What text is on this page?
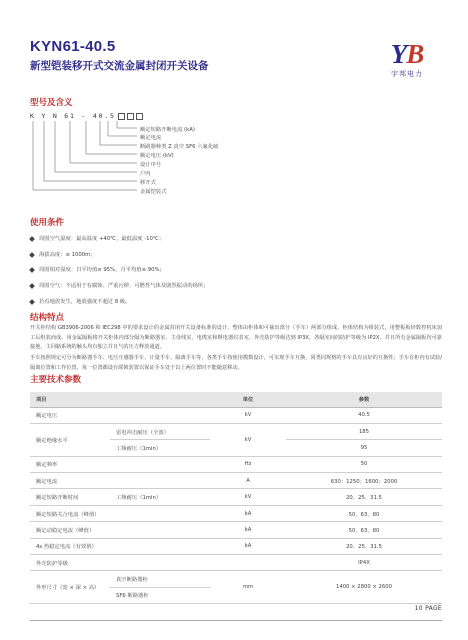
KYN61-40.5
新型铠装移开式交流金属封闭开关设备	YB
宇邦电力
型号及含义
K Y N 61 - 40.5
额定短路开断电流 (kA)
额定电流
断路器种类 Z 真空 SF6 六氟化硫
额定电压 (kV)
设计序号
户内
移开式
金属铠装式
使用条件
周围空气温度：最高温度 +40℃，最低温度 -10℃；
海拔高度：≤ 1000m；
周围相对湿度：日平均值≤ 95%，月平均值≤ 90%；
周围空气：不适用于有腐蚀、严重污秽、可燃性气体及剧烈振动的场所；
若有地震发生，地震强度不超过 8 级。
结构特点
开关柜结构 GB3906-2006 和 IEC298 中的要求设计的金属封闭开关设备标准的设计，整体由柜体和可抽出部分（手车）两部分组成。柜体结构为组装式，用整板板经数控机床加工后组装而成，用金属隔板将开关柜体内部分隔为断路器室、主母线室、电缆室和继电器仪表室，外壳防护等级达到 IP3X，各隔室间的防护等级为 IP2X，并且所有金属隔板均可靠接地，主回路系统的触头均有独立并且气的压力释放通道。
手车按照规定可分为断路器手车、电压互感器手车、计量手车、隔离手车等，各类手车按使用模数设计，可实现手车互换，同类同规格的手车具有良好的互换性；手车在柜内有试验/隔离位置和工作位置，每一位置都设有联锁装置以保证手车处于以上两位置时不能随意移动。
主要技术参数
项目		单位	参数
额定电压		kV	40.5
额定绝缘水平	雷电冲击耐压（全波）	kV	185
	工频耐压（1min）		95
额定频率		Hz	50
额定电流		A	630；1250；1600；2000
额定短路开断时间	工频耐压（1min）	kV	20、25、31.5
额定短路关合电流（峰值）		kA	50、63、80
额定动稳定电流（峰值）		kA	50、63、80
4s 热稳定电流（有效值）		kA	20、25、31.5
外壳防护等级			IP4X
外形尺寸（宽 × 深 × 高）	真空断路器柜	mm	1400 × 2800 × 2600
	SF6 断路器柜		
10 PAGE
